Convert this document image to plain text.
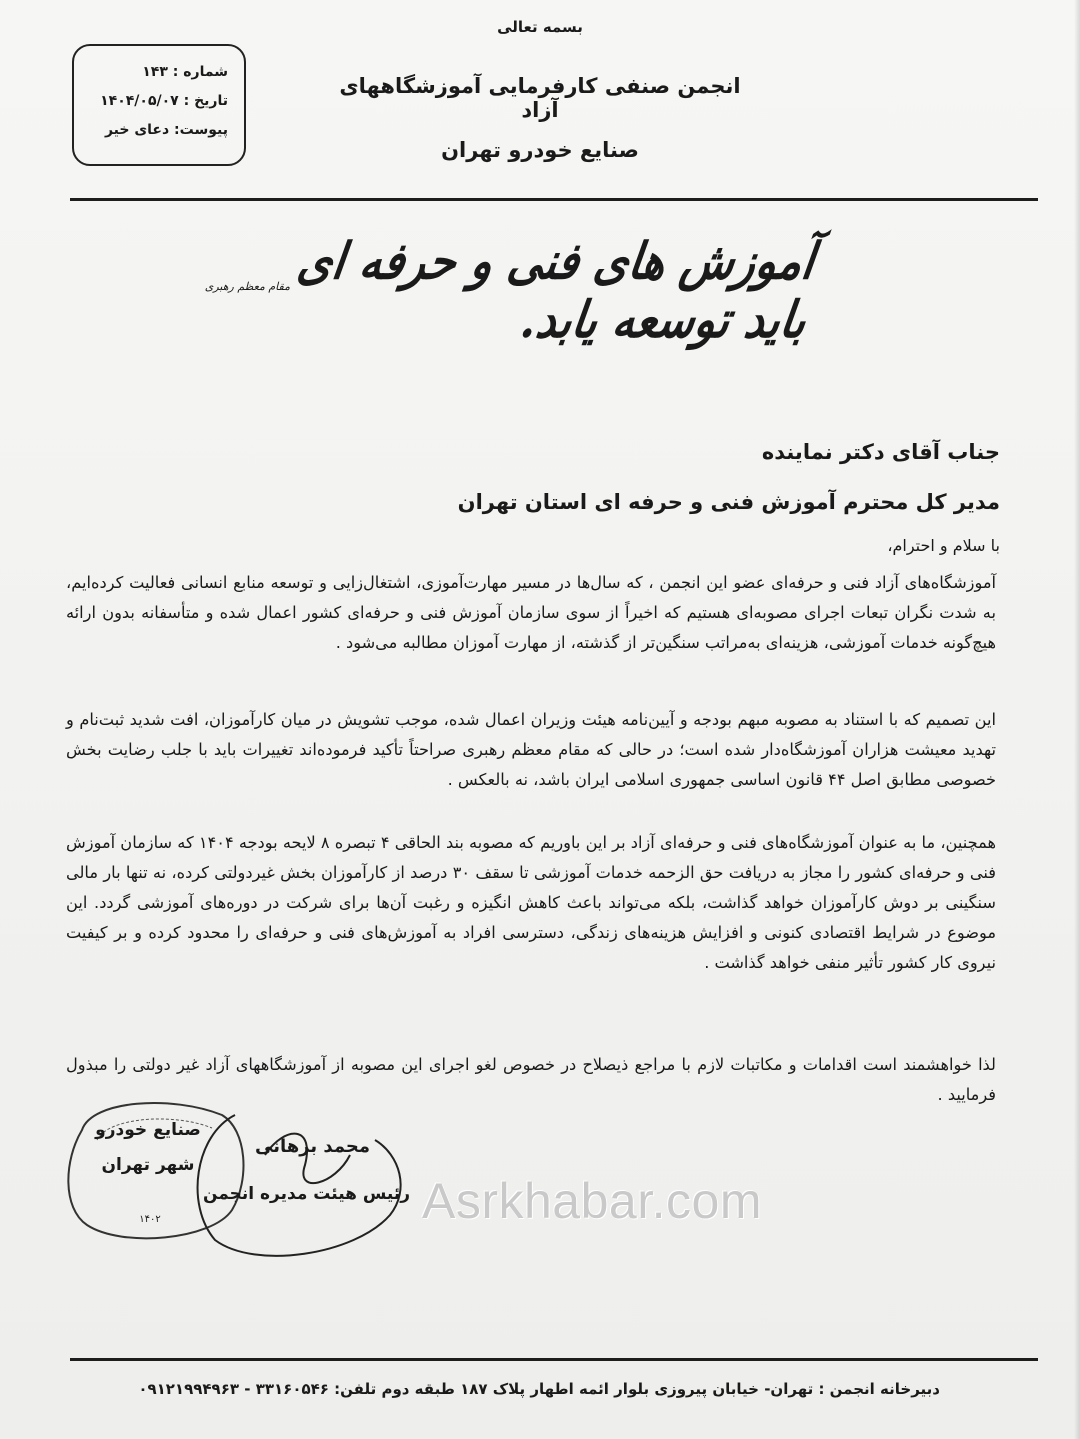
بسمه تعالی
انجمن صنفی کارفرمایی آموزشگاههای آزاد
صنایع خودرو تهران
شماره : ۱۴۳
تاریخ : ۱۴۰۴/۰۵/۰۷
پیوست: دعای خیر
آموزش های فنی و حرفه ای باید توسعه یابد.
مقام معظم رهبری
جناب آقای دکتر نماینده
مدیر کل محترم آموزش فنی و حرفه ای استان تهران
با سلام و احترام،
آموزشگاه‌های آزاد فنی و حرفه‌ای عضو این انجمن ، که سال‌ها در مسیر مهارت‌آموزی، اشتغال‌زایی و توسعه منابع انسانی فعالیت کرده‌ایم، به شدت نگران تبعات اجرای مصوبه‌ای هستیم که اخیراً از سوی سازمان آموزش فنی و حرفه‌ای کشور اعمال شده و متأسفانه بدون ارائه هیچ‌گونه خدمات آموزشی، هزینه‌ای به‌مراتب سنگین‌تر از گذشته، از مهارت آموزان مطالبه می‌شود .
این تصمیم که با استناد به مصوبه مبهم بودجه و آیین‌نامه هیئت وزیران اعمال شده، موجب تشویش در میان کارآموزان، افت شدید ثبت‌نام و تهدید معیشت هزاران آموزشگاه‌دار شده است؛ در حالی که مقام معظم رهبری صراحتاً تأکید فرموده‌اند تغییرات باید با جلب رضایت بخش خصوصی مطابق اصل ۴۴ قانون اساسی جمهوری اسلامی ایران باشد، نه بالعکس .
همچنین، ما به عنوان آموزشگاه‌های فنی و حرفه‌ای آزاد بر این باوریم که مصوبه بند الحاقی ۴ تبصره ۸ لایحه بودجه ۱۴۰۴ که سازمان آموزش فنی و حرفه‌ای کشور را مجاز به دریافت حق الزحمه خدمات آموزشی تا سقف ۳۰ درصد از کارآموزان بخش غیردولتی کرده، نه تنها بار مالی سنگینی بر دوش کارآموزان خواهد گذاشت، بلکه می‌تواند باعث کاهش انگیزه و رغبت آن‌ها برای شرکت در دوره‌های آموزشی گردد. این موضوع در شرایط اقتصادی کنونی و افزایش هزینه‌های زندگی، دسترسی افراد به آموزش‌های فنی و حرفه‌ای را محدود کرده و بر کیفیت نیروی کار کشور تأثیر منفی خواهد گذاشت .
لذا خواهشمند است اقدامات و مکاتبات لازم با مراجع ذیصلاح در خصوص لغو اجرای این مصوبه از آموزشگاههای آزاد غیر دولتی را مبذول فرمایید .
صنایع خودرو
شهر تهران
۱۴۰۲
محمد برهانی
رئیس هیئت مدیره انجمن Asrkhabar.com
دبیرخانه انجمن : تهران- خیابان پیروزی بلوار ائمه اطهار پلاک ۱۸۷ طبقه دوم تلفن: ۳۳۱۶۰۵۴۶ - ۰۹۱۲۱۹۹۴۹۶۳
